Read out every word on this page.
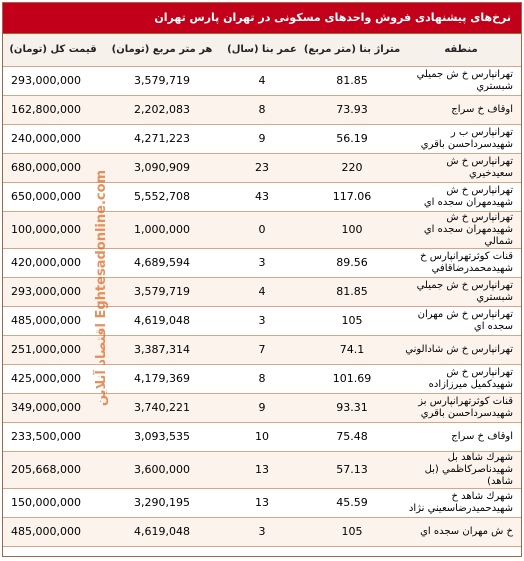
نرخ‌های پیشنهادی فروش واحدهای مسکونی در تهران پارس تهران
قیمت کل (تومان)	هر متر مربع (تومان)	عمر بنا (سال)	متراژ بنا (متر مربع)	منطقه
293,000,000	3,579,719	4	81.85	تهرانپارس خ ش جميلي شبستري
162,800,000	2,202,083	8	73.93	اوقاف خ سراج
240,000,000	4,271,223	9	56.19	تهرانپارس ب ر شهيدسرداحسن باقري
680,000,000	3,090,909	23	220	تهرانپارس خ ش سعيدخيري
650,000,000	5,552,708	43	117.06	تهرانپارس خ ش شهيدمهران سجده اي
100,000,000	1,000,000	0	100	تهرانپارس خ ش شهيدمهران سجده اي شمالي
420,000,000	4,689,594	3	89.56	قنات كوثرتهرانپارس خ شهيدمحمدرضاقافي
293,000,000	3,579,719	4	81.85	تهرانپارس خ ش جميلي شبستري
485,000,000	4,619,048	3	105	تهرانپارس خ ش مهران سجده اي
251,000,000	3,387,314	7	74.1	تهرانپارس خ ش شادالوني
425,000,000	4,179,369	8	101.69	تهرانپارس خ ش شهيدكميل ميرزازاده
349,000,000	3,740,221	9	93.31	قنات كوثرتهرانپارس بز شهيدسرداحسن باقري
233,500,000	3,093,535	10	75.48	اوقاف خ سراج
205,668,000	3,600,000	13	57.13	شهرك شاهد بل شهيدناصركاظمي (بل شاهد)
150,000,000	3,290,195	13	45.59	شهرك شاهد خ شهيدحميدرضاسعيني نژاد
485,000,000	4,619,048	3	105	خ ش مهران سجده اي
اقتصاد آنلاین Eghtesadonline.com
